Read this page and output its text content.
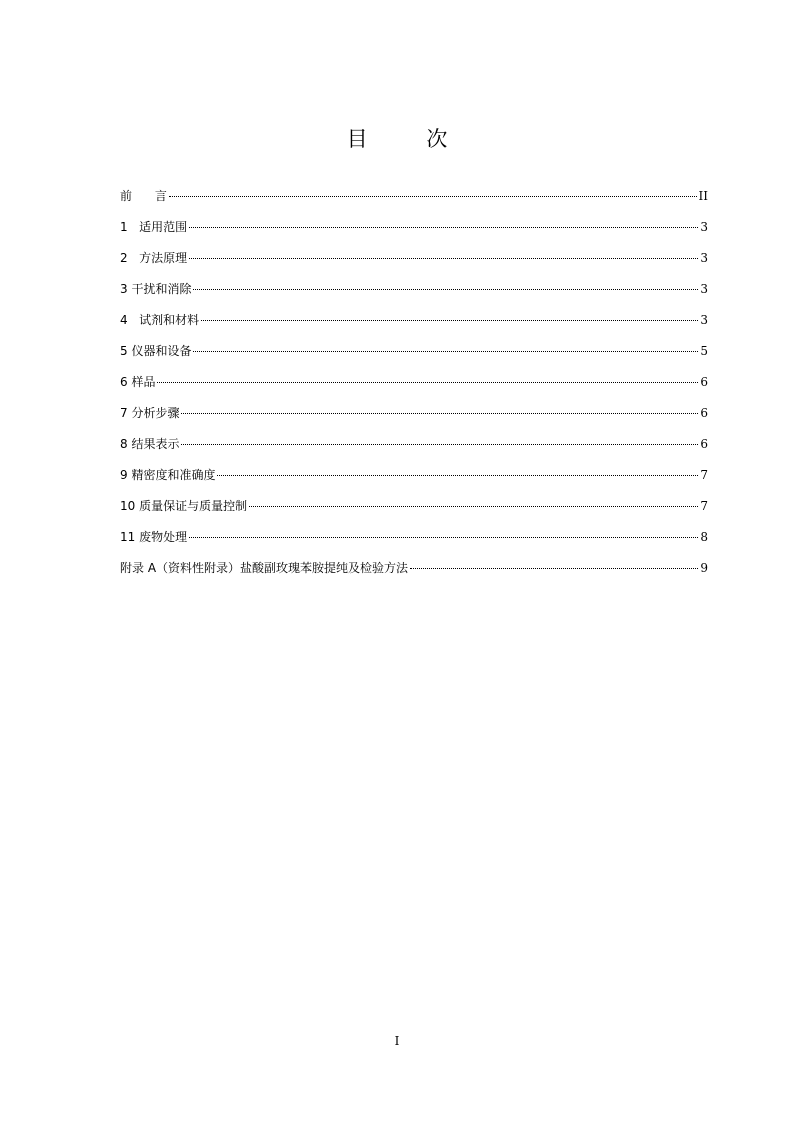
目 次
前      言	II
1   适用范围	3
2   方法原理	3
3 干扰和消除	3
4   试剂和材料	3
5 仪器和设备	5
6 样品	6
7 分析步骤	6
8 结果表示	6
9 精密度和准确度	7
10 质量保证与质量控制	7
11 废物处理	8
附录 A（资料性附录）盐酸副玫瑰苯胺提纯及检验方法	9
I
